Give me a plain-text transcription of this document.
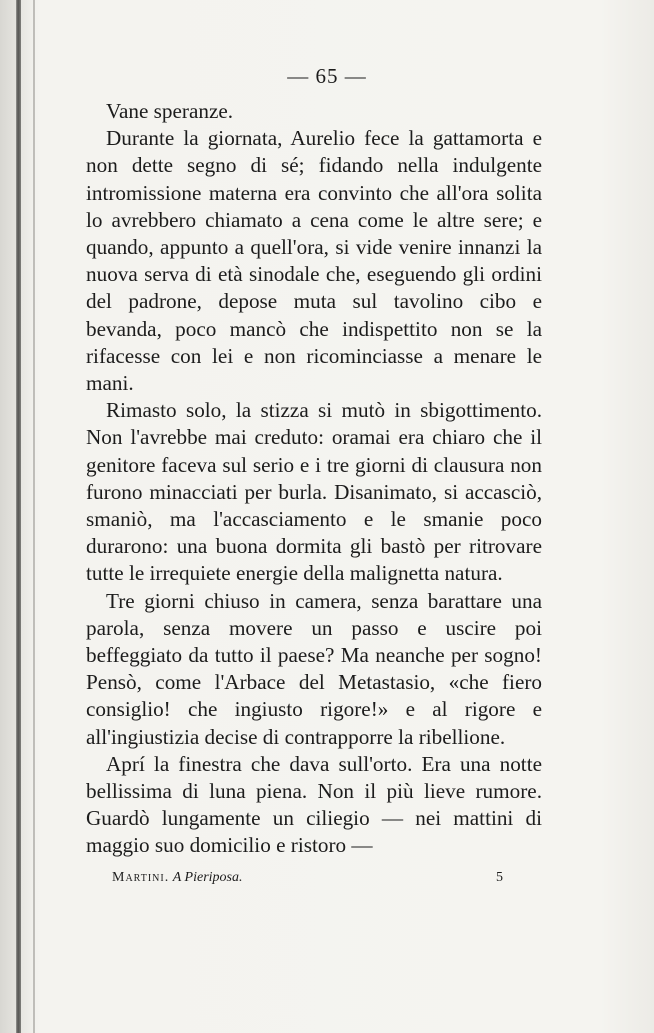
— 65 —

Vane speranze.

Durante la giornata, Aurelio fece la gattamorta e non dette segno di sé; fidando nella indulgente intromissione materna era convinto che all'ora solita lo avrebbero chiamato a cena come le altre sere; e quando, appunto a quell'ora, si vide venire innanzi la nuova serva di età sinodale che, eseguendo gli ordini del padrone, depose muta sul tavolino cibo e bevanda, poco mancò che indispettito non se la rifacesse con lei e non ricominciasse a menare le mani.

Rimasto solo, la stizza si mutò in sbigottimento. Non l'avrebbe mai creduto: oramai era chiaro che il genitore faceva sul serio e i tre giorni di clausura non furono minacciati per burla. Disanimato, si accasciò, smaniò, ma l'accasciamento e le smanie poco durarono: una buona dormita gli bastò per ritrovare tutte le irrequiete energie della malignetta natura.

Tre giorni chiuso in camera, senza barattare una parola, senza movere un passo e uscire poi beffeggiato da tutto il paese? Ma neanche per sogno! Pensò, come l'Arbace del Metastasio, «che fiero consiglio! che ingiusto rigore!» e al rigore e all'ingiustizia decise di contrapporre la ribellione.

Aprí la finestra che dava sull'orto. Era una notte bellissima di luna piena. Non il più lieve rumore. Guardò lungamente un ciliegio — nei mattini di maggio suo domicilio e ristoro —

Martini. A Pieriposa.	5
